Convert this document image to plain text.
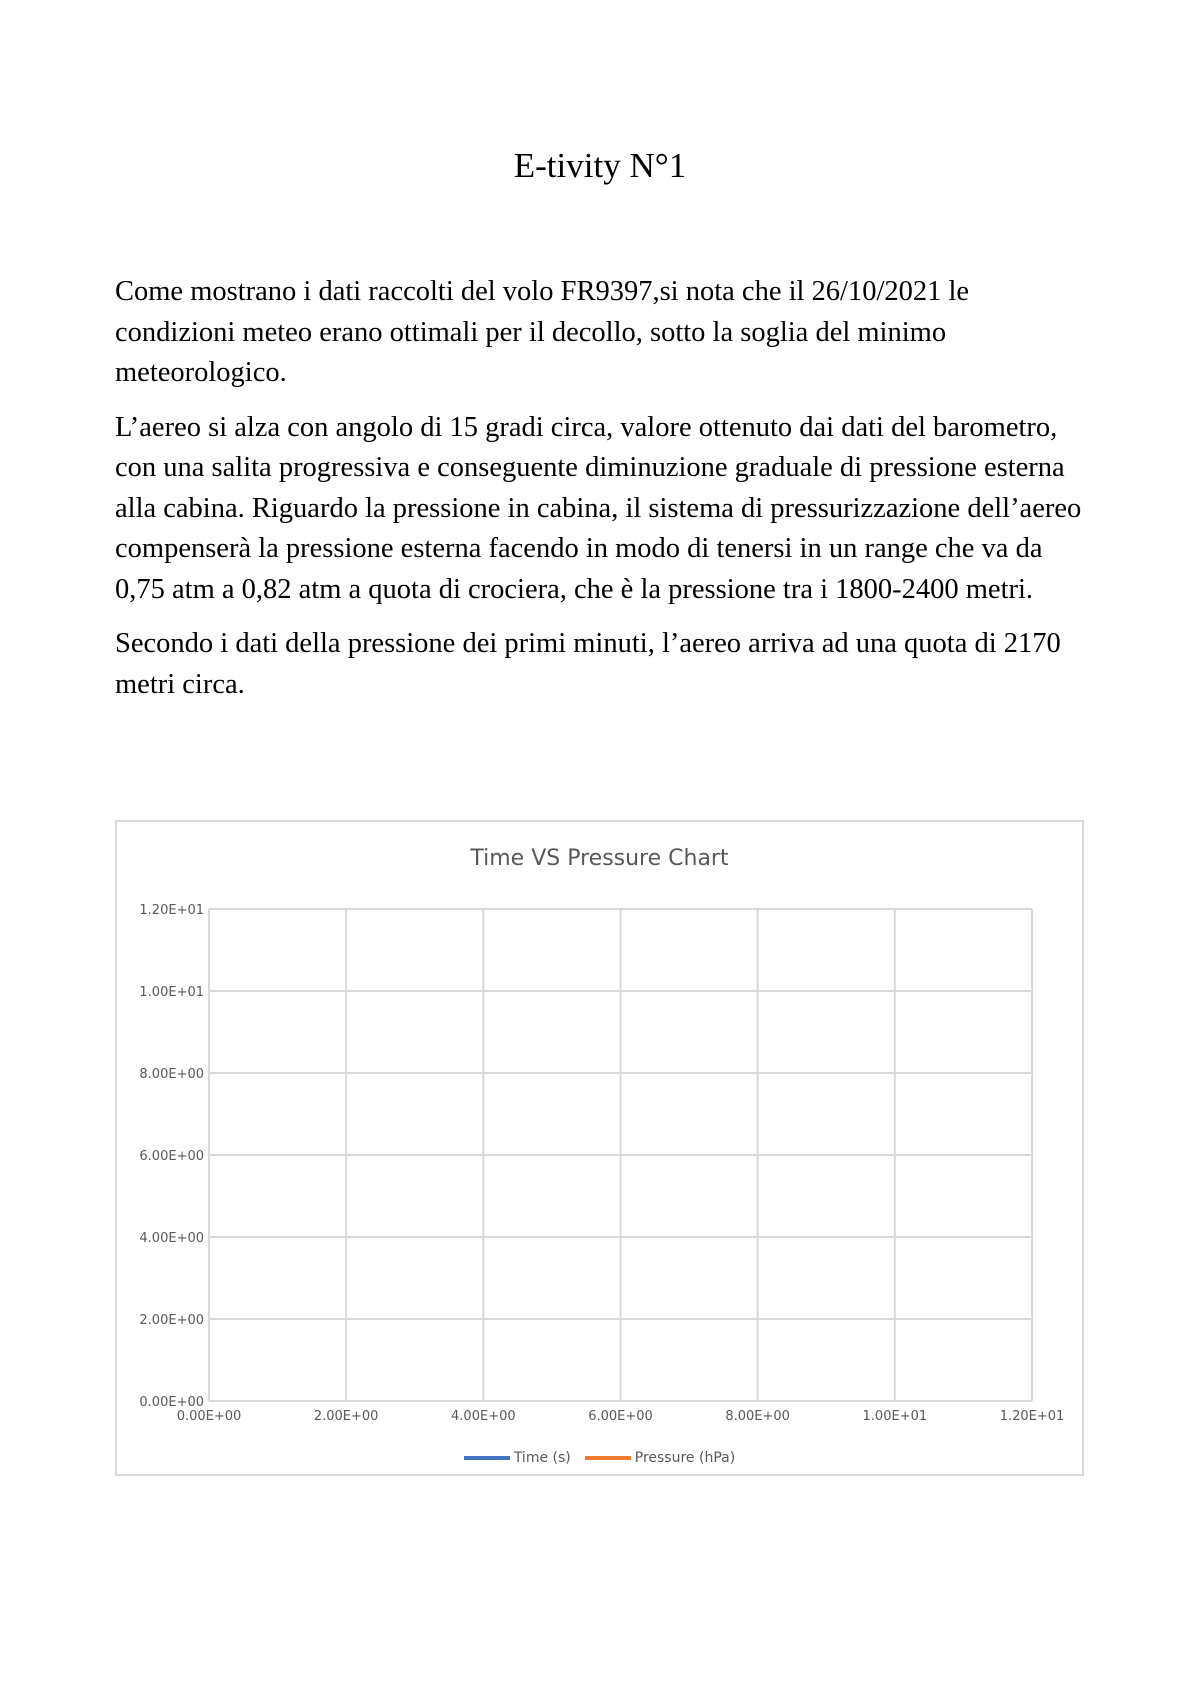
E-tivity N°1

Come mostrano i dati raccolti del volo FR9397,si nota che il 26/10/2021 le condizioni meteo erano ottimali per il decollo, sotto la soglia del minimo meteorologico.

L’aereo si alza con angolo di 15 gradi circa, valore ottenuto dai dati del barometro, con una salita progressiva e conseguente diminuzione graduale di pressione esterna alla cabina. Riguardo la pressione in cabina, il sistema di pressurizzazione dell’aereo compenserà la pressione esterna facendo in modo di tenersi in un range che va da 0,75 atm a 0,82 atm a quota di crociera, che è la pressione tra i 1800-2400 metri.

Secondo i dati della pressione dei primi minuti, l’aereo arriva ad una quota di 2170 metri circa.

Time VS Pressure Chart
0.00E+00
2.00E+00
4.00E+00
6.00E+00
8.00E+00
1.00E+01
1.20E+01
0.00E+00	2.00E+00	4.00E+00	6.00E+00	8.00E+00	1.00E+01	1.20E+01
Time (s)	Pressure (hPa)
